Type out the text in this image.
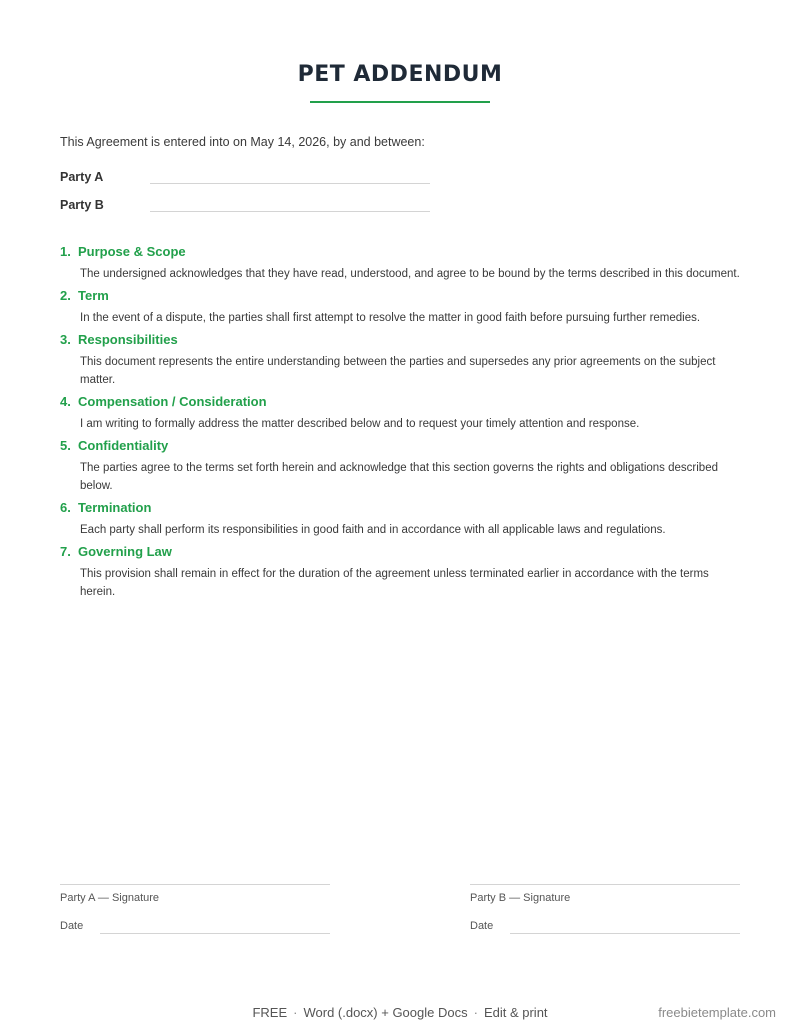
PET ADDENDUM
This Agreement is entered into on May 14, 2026, by and between:
Party A
Party B
1. Purpose & Scope
The undersigned acknowledges that they have read, understood, and agree to be bound by the terms described in this document.
2. Term
In the event of a dispute, the parties shall first attempt to resolve the matter in good faith before pursuing further remedies.
3. Responsibilities
This document represents the entire understanding between the parties and supersedes any prior agreements on the subject matter.
4. Compensation / Consideration
I am writing to formally address the matter described below and to request your timely attention and response.
5. Confidentiality
The parties agree to the terms set forth herein and acknowledge that this section governs the rights and obligations described below.
6. Termination
Each party shall perform its responsibilities in good faith and in accordance with all applicable laws and regulations.
7. Governing Law
This provision shall remain in effect for the duration of the agreement unless terminated earlier in accordance with the terms herein.
Party A — Signature
Date
Party B — Signature
Date
FREE · Word (.docx) + Google Docs · Edit & print	freebietemplate.com
